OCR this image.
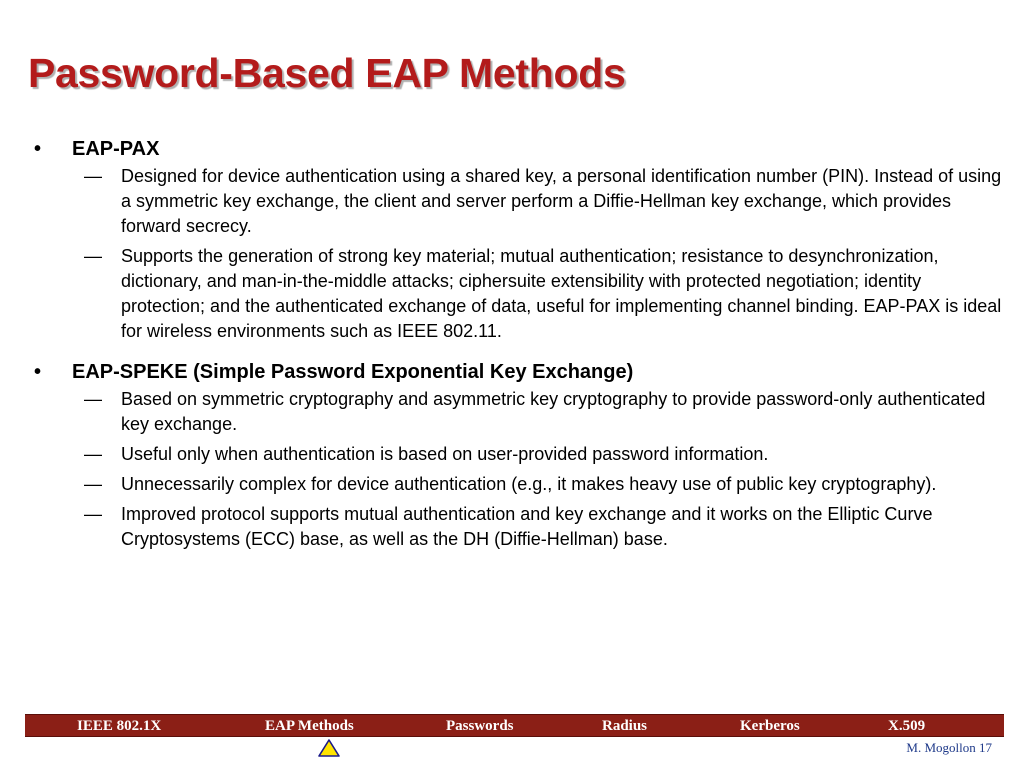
Password-Based EAP Methods
• EAP-PAX
— Designed for device authentication using a shared key, a personal identification number (PIN). Instead of using a symmetric key exchange, the client and server perform a Diffie-Hellman key exchange, which provides forward secrecy.
— Supports the generation of strong key material; mutual authentication; resistance to desynchronization, dictionary, and man-in-the-middle attacks; ciphersuite extensibility with protected negotiation; identity protection; and the authenticated exchange of data, useful for implementing channel binding. EAP-PAX is ideal for wireless environments such as IEEE 802.11.
• EAP-SPEKE (Simple Password Exponential Key Exchange)
— Based on symmetric cryptography and asymmetric key cryptography to provide password-only authenticated key exchange.
— Useful only when authentication is based on user-provided password information.
— Unnecessarily complex for device authentication (e.g., it makes heavy use of public key cryptography).
— Improved protocol supports mutual authentication and key exchange and it works on the Elliptic Curve Cryptosystems (ECC) base, as well as the DH (Diffie-Hellman) base.
IEEE 802.1X	EAP Methods	Passwords	Radius	Kerberos	X.509
M. Mogollon 17
